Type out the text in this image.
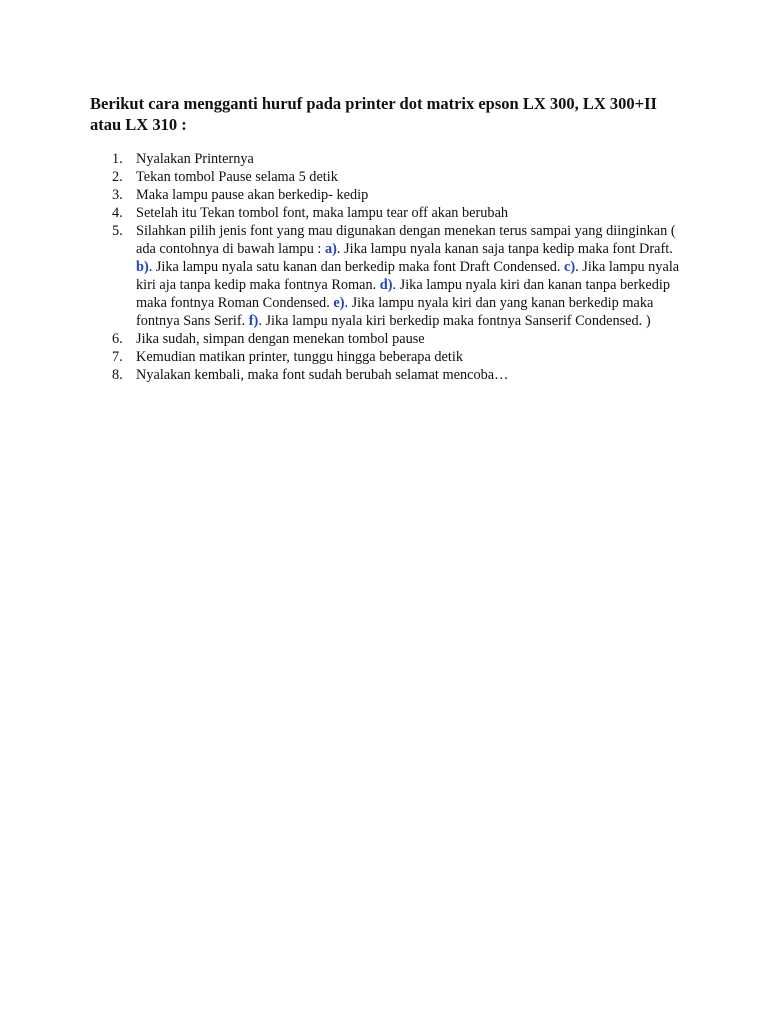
Berikut cara mengganti huruf pada printer dot matrix epson LX 300, LX 300+II atau LX 310 :
1. Nyalakan Printernya
2. Tekan tombol Pause selama 5 detik
3. Maka lampu pause akan berkedip- kedip
4. Setelah itu Tekan tombol font, maka lampu tear off akan berubah
5. Silahkan pilih jenis font yang mau digunakan dengan menekan terus sampai yang diinginkan ( ada contohnya di bawah lampu : a). Jika lampu nyala kanan saja tanpa kedip maka font Draft. b). Jika lampu nyala satu kanan dan berkedip maka font Draft Condensed. c). Jika lampu nyala kiri aja tanpa kedip maka fontnya Roman. d). Jika lampu nyala kiri dan kanan tanpa berkedip maka fontnya Roman Condensed. e). Jika lampu nyala kiri dan yang kanan berkedip maka fontnya Sans Serif. f). Jika lampu nyala kiri berkedip maka fontnya Sanserif Condensed. )
6. Jika sudah, simpan dengan menekan tombol pause
7. Kemudian matikan printer, tunggu hingga beberapa detik
8. Nyalakan kembali, maka font sudah berubah selamat mencoba…
